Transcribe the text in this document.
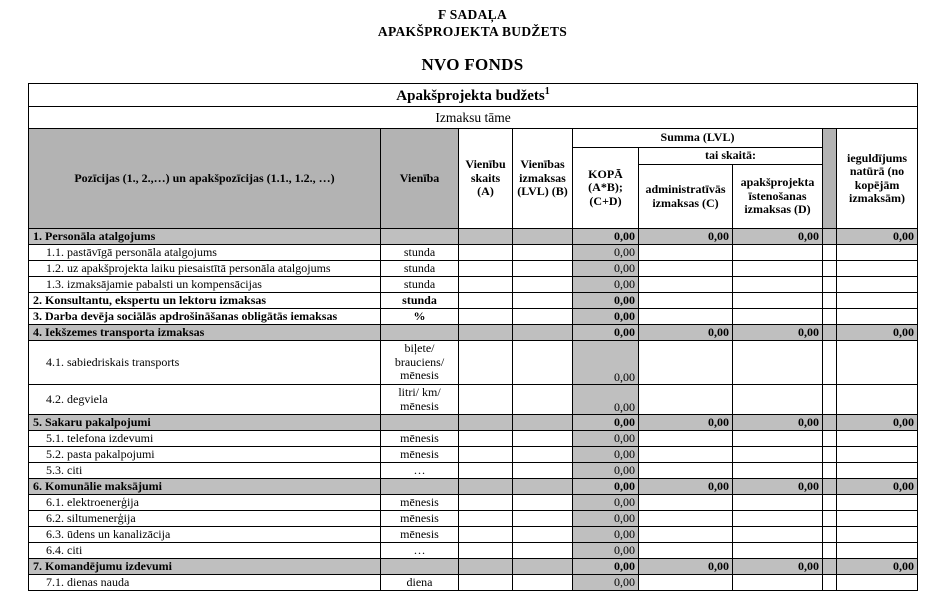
F SADAĻA
APAKŠPROJEKTA BUDŽETS
NVO FONDS
Apakšprojekta budžets$^1$
Izmaksu tāme								
Pozīcijas (1., 2.,…) un apakšpozīcijas (1.1., 1.2., …)	Vienība	Vienību skaits (A)	Vienības izmaksas (LVL) (B)	Summa (LVL)				ieguldījums natūrā (no kopējām izmaksām)
				KOPĀ (A*B); (C+D)	tai skaitā:			
					administratīvās izmaksas (C)	apakšprojekta īstenošanas izmaksas (D)		
1. Personāla atalgojums				0,00	0,00	0,00		0,00
1.1. pastāvīgā personāla atalgojums	stunda			0,00				
1.2. uz apakšprojekta laiku piesaistītā personāla atalgojums	stunda			0,00				
1.3. izmaksājamie pabalsti un kompensācijas	stunda			0,00				
2. Konsultantu, ekspertu un lektoru izmaksas	stunda			0,00				
3. Darba devēja sociālās apdrošināšanas obligātās iemaksas	%			0,00				
4. Iekšzemes transporta izmaksas				0,00	0,00	0,00		0,00
4.1. sabiedriskais transports	biļete/ brauciens/ mēnesis			0,00				
4.2. degviela	litri/ km/ mēnesis			0,00				
5. Sakaru pakalpojumi				0,00	0,00	0,00		0,00
5.1. telefona izdevumi	mēnesis			0,00				
5.2. pasta pakalpojumi	mēnesis			0,00				
5.3. citi	…			0,00				
6. Komunālie maksājumi				0,00	0,00	0,00		0,00
6.1. elektroenerģija	mēnesis			0,00				
6.2. siltumenerģija	mēnesis			0,00				
6.3. ūdens un kanalizācija	mēnesis			0,00				
6.4. citi	…			0,00				
7. Komandējumu izdevumi				0,00	0,00	0,00		0,00
7.1. dienas nauda	diena			0,00				
